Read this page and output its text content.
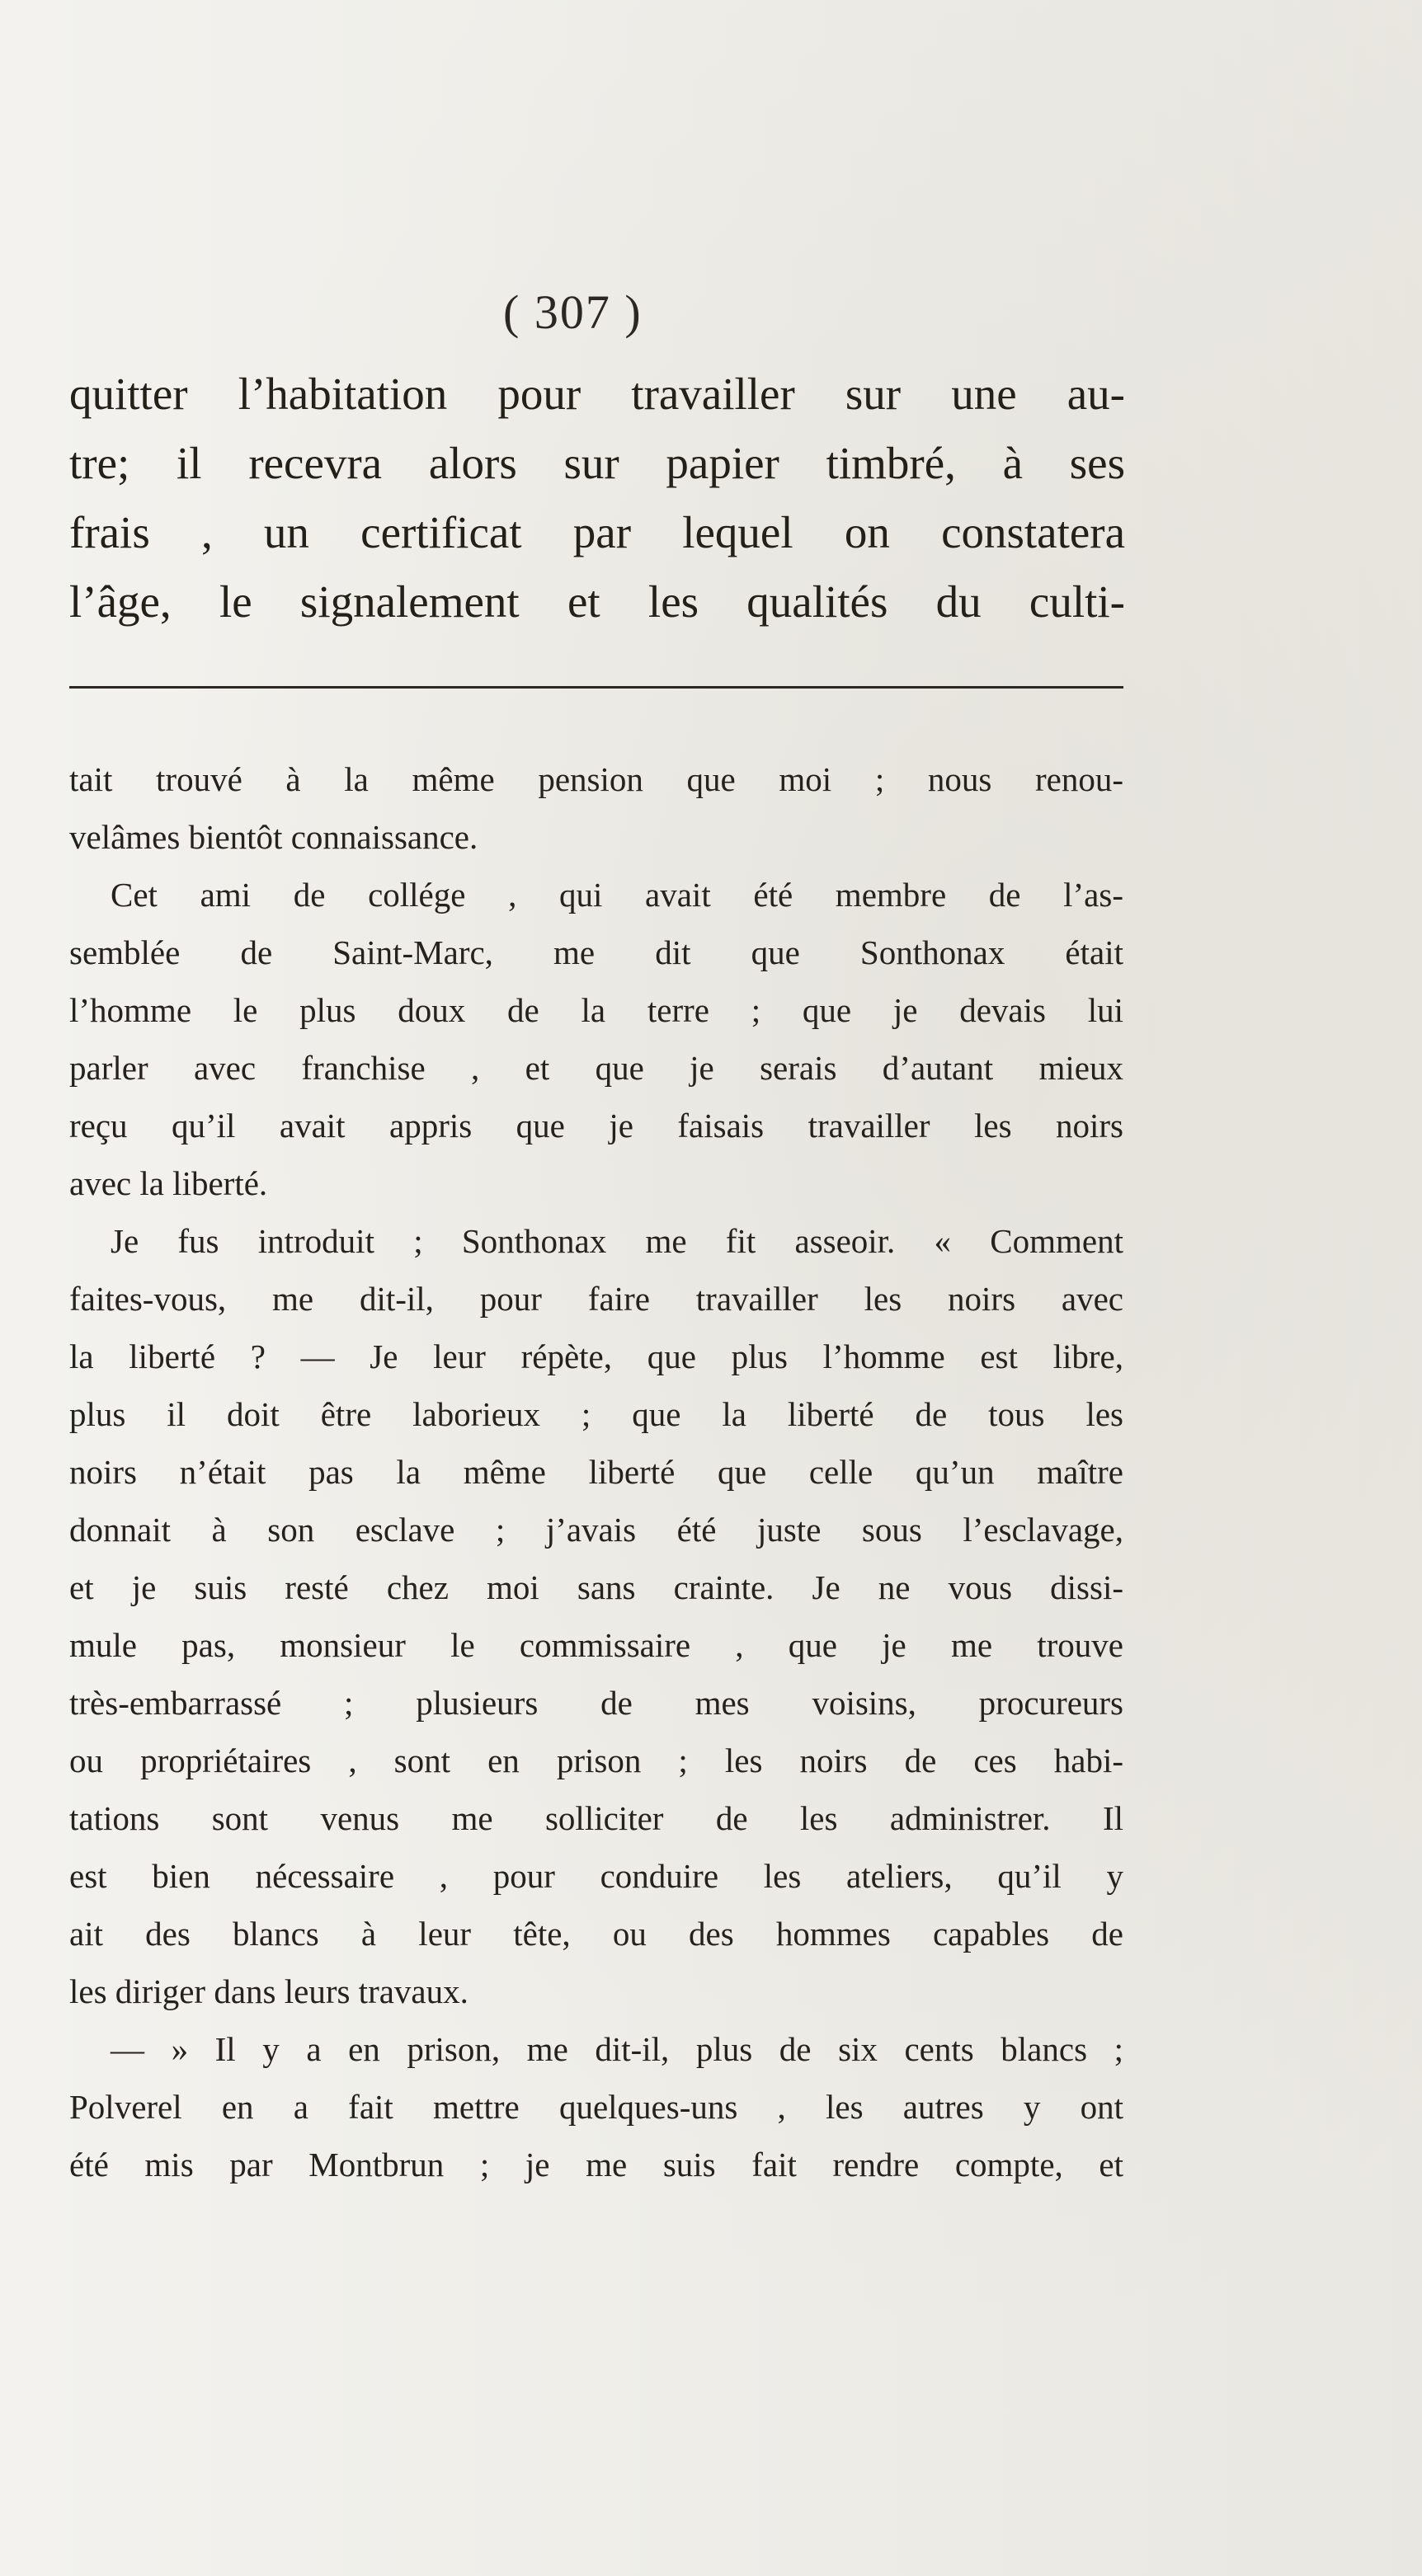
( 307 )
quitter l’habitation pour travailler sur une au-
tre; il recevra alors sur papier timbré, à ses
frais , un certificat par lequel on constatera
l’âge, le signalement et les qualités du culti-
tait trouvé à la même pension que moi ; nous renou-
velâmes bientôt connaissance.
Cet ami de collége , qui avait été membre de l’as-
semblée de Saint-Marc, me dit que Sonthonax était
l’homme le plus doux de la terre ; que je devais lui
parler avec franchise , et que je serais d’autant mieux
reçu qu’il avait appris que je faisais travailler les noirs
avec la liberté.
Je fus introduit ; Sonthonax me fit asseoir. « Comment
faites-vous, me dit-il, pour faire travailler les noirs avec
la liberté ? — Je leur répète, que plus l’homme est libre,
plus il doit être laborieux ; que la liberté de tous les
noirs n’était pas la même liberté que celle qu’un maître
donnait à son esclave ; j’avais été juste sous l’esclavage,
et je suis resté chez moi sans crainte. Je ne vous dissi-
mule pas, monsieur le commissaire , que je me trouve
très-embarrassé ; plusieurs de mes voisins, procureurs
ou propriétaires , sont en prison ; les noirs de ces habi-
tations sont venus me solliciter de les administrer. Il
est bien nécessaire , pour conduire les ateliers, qu’il y
ait des blancs à leur tête, ou des hommes capables de
les diriger dans leurs travaux.
— » Il y a en prison, me dit-il, plus de six cents blancs ;
Polverel en a fait mettre quelques-uns , les autres y ont
été mis par Montbrun ; je me suis fait rendre compte, et
